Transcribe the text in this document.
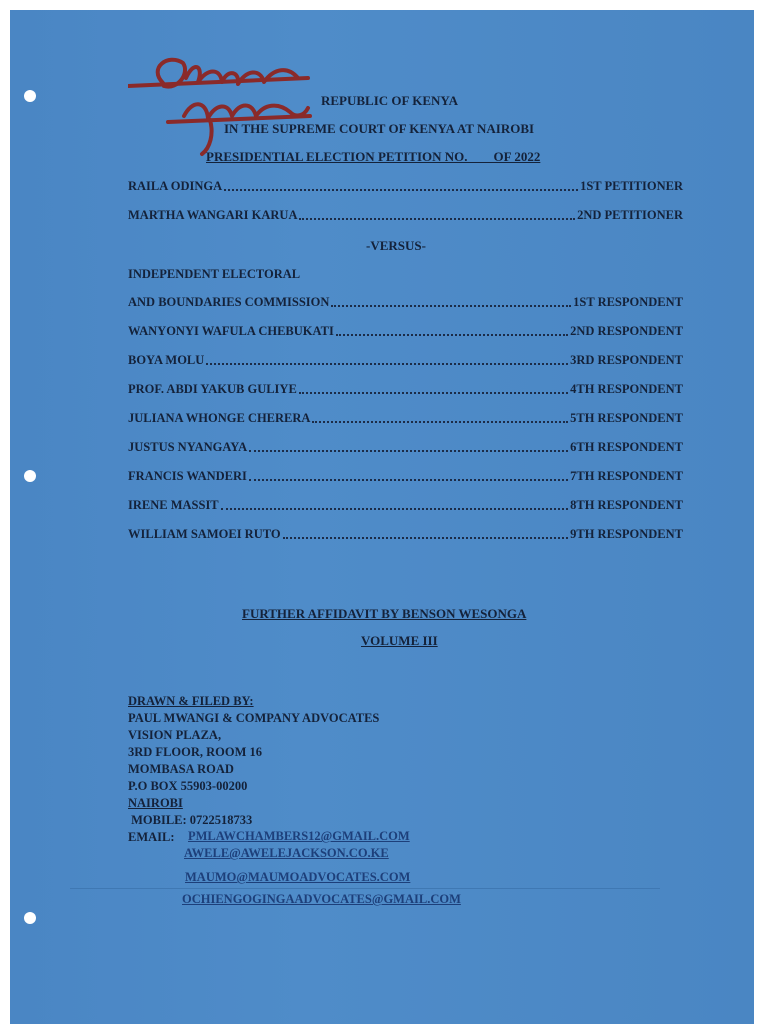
REPUBLIC OF KENYA
IN THE SUPREME COURT OF KENYA AT NAIROBI
PRESIDENTIAL ELECTION PETITION NO.        OF 2022
RAILA ODINGA	1ST PETITIONER
MARTHA WANGARI KARUA	2ND PETITIONER
-VERSUS-
INDEPENDENT ELECTORAL
AND BOUNDARIES COMMISSION	1ST RESPONDENT
WANYONYI WAFULA CHEBUKATI	2ND RESPONDENT
BOYA MOLU	3RD RESPONDENT
PROF. ABDI YAKUB GULIYE	4TH RESPONDENT
JULIANA WHONGE CHERERA	5TH RESPONDENT
JUSTUS NYANGAYA	6TH RESPONDENT
FRANCIS WANDERI	7TH RESPONDENT
IRENE MASSIT	8TH RESPONDENT
WILLIAM SAMOEI RUTO	9TH RESPONDENT
FURTHER AFFIDAVIT BY BENSON WESONGA
VOLUME III
DRAWN & FILED BY:
PAUL MWANGI & COMPANY ADVOCATES
VISION PLAZA,
3RD FLOOR, ROOM 16
MOMBASA ROAD
P.O BOX 55903-00200
NAIROBI
MOBILE: 0722518733
EMAIL: PMLAWCHAMBERS12@GMAIL.COM
AWELE@AWELEJACKSON.CO.KE
MAUMO@MAUMOADVOCATES.COM
OCHIENGOGINGAADVOCATES@GMAIL.COM
